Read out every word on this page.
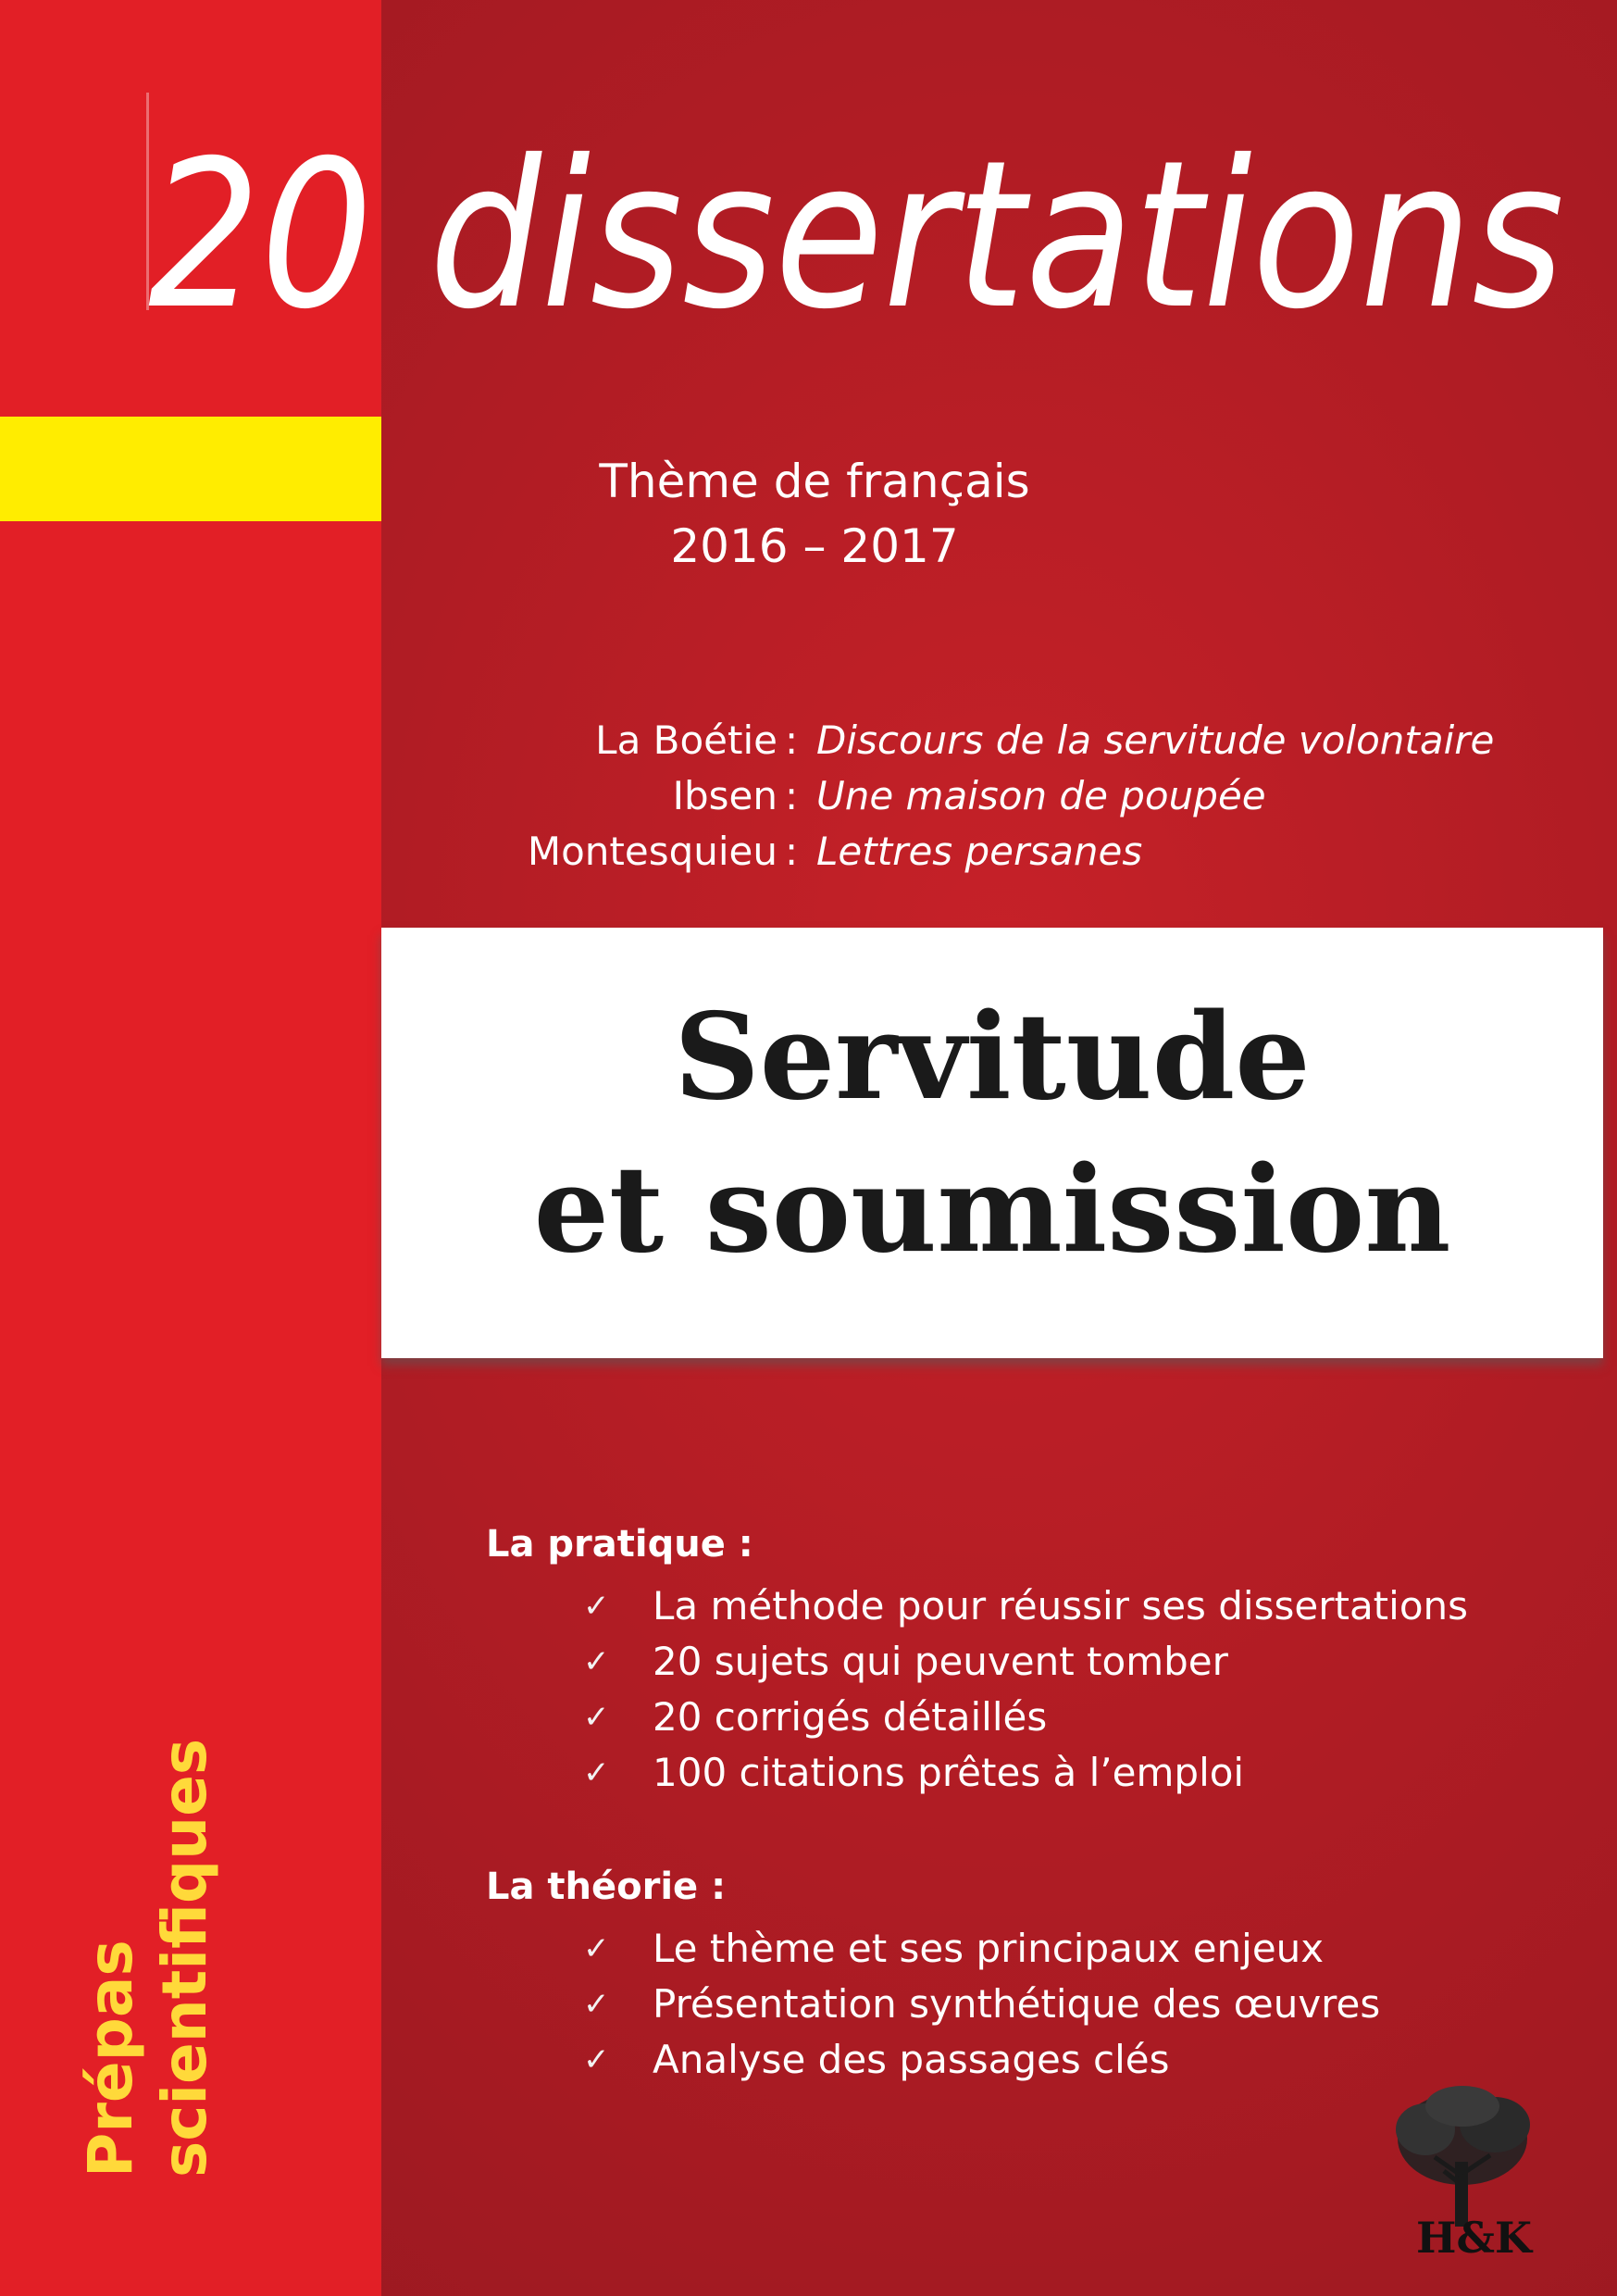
20 dissertations
Thème de français
2016 – 2017
La Boétie : Discours de la servitude volontaire
Ibsen : Une maison de poupée
Montesquieu : Lettres persanes
Servitude
et soumission
La pratique :
✓ La méthode pour réussir ses dissertations
✓ 20 sujets qui peuvent tomber
✓ 20 corrigés détaillés
✓ 100 citations prêtes à l’emploi
La théorie :
✓ Le thème et ses principaux enjeux
✓ Présentation synthétique des œuvres
✓ Analyse des passages clés
Prépas scientifiques
H&K
